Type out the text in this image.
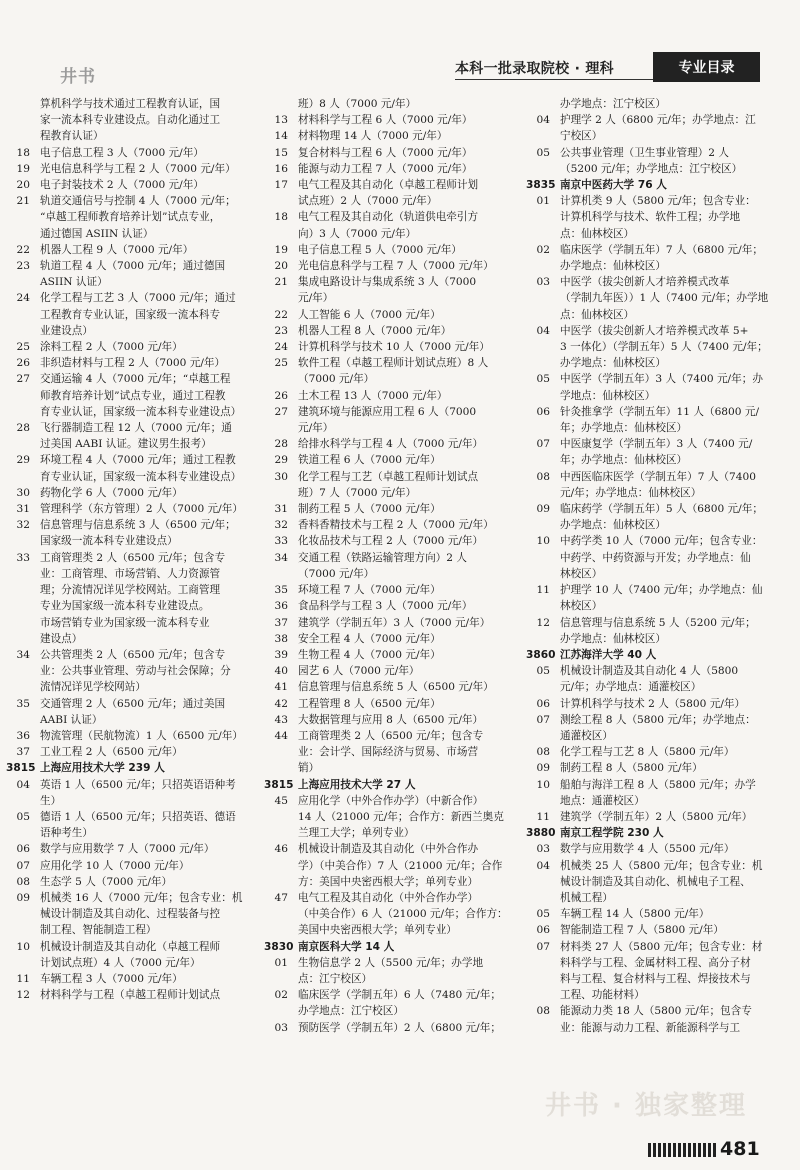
井书	本科一批录取院校 · 理科	专业目录
井书 · 独家整理
算机科学与技术通过工程教育认证，国
家一流本科专业建设点。自动化通过工
程教育认证）
18 电子信息工程 3 人（7000 元/年）
19 光电信息科学与工程 2 人（7000 元/年）
20 电子封装技术 2 人（7000 元/年）
21 轨道交通信号与控制 4 人（7000 元/年；
“卓越工程师教育培养计划”试点专业，
通过德国 ASIIN 认证）
22 机器人工程 9 人（7000 元/年）
23 轨道工程 4 人（7000 元/年；通过德国
ASIIN 认证）
24 化学工程与工艺 3 人（7000 元/年；通过
工程教育专业认证，国家级一流本科专
业建设点）
25 涂料工程 2 人（7000 元/年）
26 非织造材料与工程 2 人（7000 元/年）
27 交通运输 4 人（7000 元/年；“卓越工程
师教育培养计划”试点专业，通过工程教
育专业认证，国家级一流本科专业建设点）
28 飞行器制造工程 12 人（7000 元/年；通
过美国 AABI 认证。建议男生报考）
29 环境工程 4 人（7000 元/年；通过工程教
育专业认证，国家级一流本科专业建设点）
30 药物化学 6 人（7000 元/年）
31 管理科学（东方管理）2 人（7000 元/年）
32 信息管理与信息系统 3 人（6500 元/年；
国家级一流本科专业建设点）
33 工商管理类 2 人（6500 元/年；包含专
业：工商管理、市场营销、人力资源管
理；分流情况详见学校网站。工商管理
专业为国家级一流本科专业建设点。
市场营销专业为国家级一流本科专业
建设点）
34 公共管理类 2 人（6500 元/年；包含专
业：公共事业管理、劳动与社会保障；分
流情况详见学校网站）
35 交通管理 2 人（6500 元/年；通过美国
AABI 认证）
36 物流管理（民航物流）1 人（6500 元/年）
37 工业工程 2 人（6500 元/年）
3815 上海应用技术大学 239 人
04 英语 1 人（6500 元/年；只招英语语种考
生）
05 德语 1 人（6500 元/年；只招英语、德语
语种考生）
06 数学与应用数学 7 人（7000 元/年）
07 应用化学 10 人（7000 元/年）
08 生态学 5 人（7000 元/年）
09 机械类 16 人（7000 元/年；包含专业：机
械设计制造及其自动化、过程装备与控
制工程、智能制造工程）
10 机械设计制造及其自动化（卓越工程师
计划试点班）4 人（7000 元/年）
11 车辆工程 3 人（7000 元/年）
12 材料科学与工程（卓越工程师计划试点
班）8 人（7000 元/年）
13 材料科学与工程 6 人（7000 元/年）
14 材料物理 14 人（7000 元/年）
15 复合材料与工程 6 人（7000 元/年）
16 能源与动力工程 7 人（7000 元/年）
17 电气工程及其自动化（卓越工程师计划
试点班）2 人（7000 元/年）
18 电气工程及其自动化（轨道供电牵引方
向）3 人（7000 元/年）
19 电子信息工程 5 人（7000 元/年）
20 光电信息科学与工程 7 人（7000 元/年）
21 集成电路设计与集成系统 3 人（7000
元/年）
22 人工智能 6 人（7000 元/年）
23 机器人工程 8 人（7000 元/年）
24 计算机科学与技术 10 人（7000 元/年）
25 软件工程（卓越工程师计划试点班）8 人
（7000 元/年）
26 土木工程 13 人（7000 元/年）
27 建筑环境与能源应用工程 6 人（7000
元/年）
28 给排水科学与工程 4 人（7000 元/年）
29 铁道工程 6 人（7000 元/年）
30 化学工程与工艺（卓越工程师计划试点
班）7 人（7000 元/年）
31 制药工程 5 人（7000 元/年）
32 香料香精技术与工程 2 人（7000 元/年）
33 化妆品技术与工程 2 人（7000 元/年）
34 交通工程（铁路运输管理方向）2 人
（7000 元/年）
35 环境工程 7 人（7000 元/年）
36 食品科学与工程 3 人（7000 元/年）
37 建筑学（学制五年）3 人（7000 元/年）
38 安全工程 4 人（7000 元/年）
39 生物工程 4 人（7000 元/年）
40 园艺 6 人（7000 元/年）
41 信息管理与信息系统 5 人（6500 元/年）
42 工程管理 8 人（6500 元/年）
43 大数据管理与应用 8 人（6500 元/年）
44 工商管理类 2 人（6500 元/年；包含专
业：会计学、国际经济与贸易、市场营
销）
3815 上海应用技术大学 27 人
45 应用化学（中外合作办学）（中新合作）
14 人（21000 元/年；合作方：新西兰奥克
兰理工大学；单列专业）
46 机械设计制造及其自动化（中外合作办
学）（中美合作）7 人（21000 元/年；合作
方：美国中央密西根大学；单列专业）
47 电气工程及其自动化（中外合作办学）
（中美合作）6 人（21000 元/年；合作方：
美国中央密西根大学；单列专业）
3830 南京医科大学 14 人
01 生物信息学 2 人（5500 元/年；办学地
点：江宁校区）
02 临床医学（学制五年）6 人（7480 元/年；
办学地点：江宁校区）
03 预防医学（学制五年）2 人（6800 元/年；
办学地点：江宁校区）
04 护理学 2 人（6800 元/年；办学地点：江
宁校区）
05 公共事业管理（卫生事业管理）2 人
（5200 元/年；办学地点：江宁校区）
3835 南京中医药大学 76 人
01 计算机类 9 人（5800 元/年；包含专业：
计算机科学与技术、软件工程；办学地
点：仙林校区）
02 临床医学（学制五年）7 人（6800 元/年；
办学地点：仙林校区）
03 中医学（拔尖创新人才培养模式改革
（学制九年医））1 人（7400 元/年；办学地
点：仙林校区）
04 中医学（拔尖创新人才培养模式改革 5+
3 一体化）（学制五年）5 人（7400 元/年；
办学地点：仙林校区）
05 中医学（学制五年）3 人（7400 元/年；办
学地点：仙林校区）
06 针灸推拿学（学制五年）11 人（6800 元/
年；办学地点：仙林校区）
07 中医康复学（学制五年）3 人（7400 元/
年；办学地点：仙林校区）
08 中西医临床医学（学制五年）7 人（7400
元/年；办学地点：仙林校区）
09 临床药学（学制五年）5 人（6800 元/年；
办学地点：仙林校区）
10 中药学类 10 人（7000 元/年；包含专业：
中药学、中药资源与开发；办学地点：仙
林校区）
11 护理学 10 人（7400 元/年；办学地点：仙
林校区）
12 信息管理与信息系统 5 人（5200 元/年；
办学地点：仙林校区）
3860 江苏海洋大学 40 人
05 机械设计制造及其自动化 4 人（5800
元/年；办学地点：通灌校区）
06 计算机科学与技术 2 人（5800 元/年）
07 测绘工程 8 人（5800 元/年；办学地点：
通灌校区）
08 化学工程与工艺 8 人（5800 元/年）
09 制药工程 8 人（5800 元/年）
10 船舶与海洋工程 8 人（5800 元/年；办学
地点：通灌校区）
11 建筑学（学制五年）2 人（5800 元/年）
3880 南京工程学院 230 人
03 数学与应用数学 4 人（5500 元/年）
04 机械类 25 人（5800 元/年；包含专业：机
械设计制造及其自动化、机械电子工程、
机械工程）
05 车辆工程 14 人（5800 元/年）
06 智能制造工程 7 人（5800 元/年）
07 材料类 27 人（5800 元/年；包含专业：材
料科学与工程、金属材料工程、高分子材
料与工程、复合材料与工程、焊接技术与
工程、功能材料）
08 能源动力类 18 人（5800 元/年；包含专
业：能源与动力工程、新能源科学与工
481
